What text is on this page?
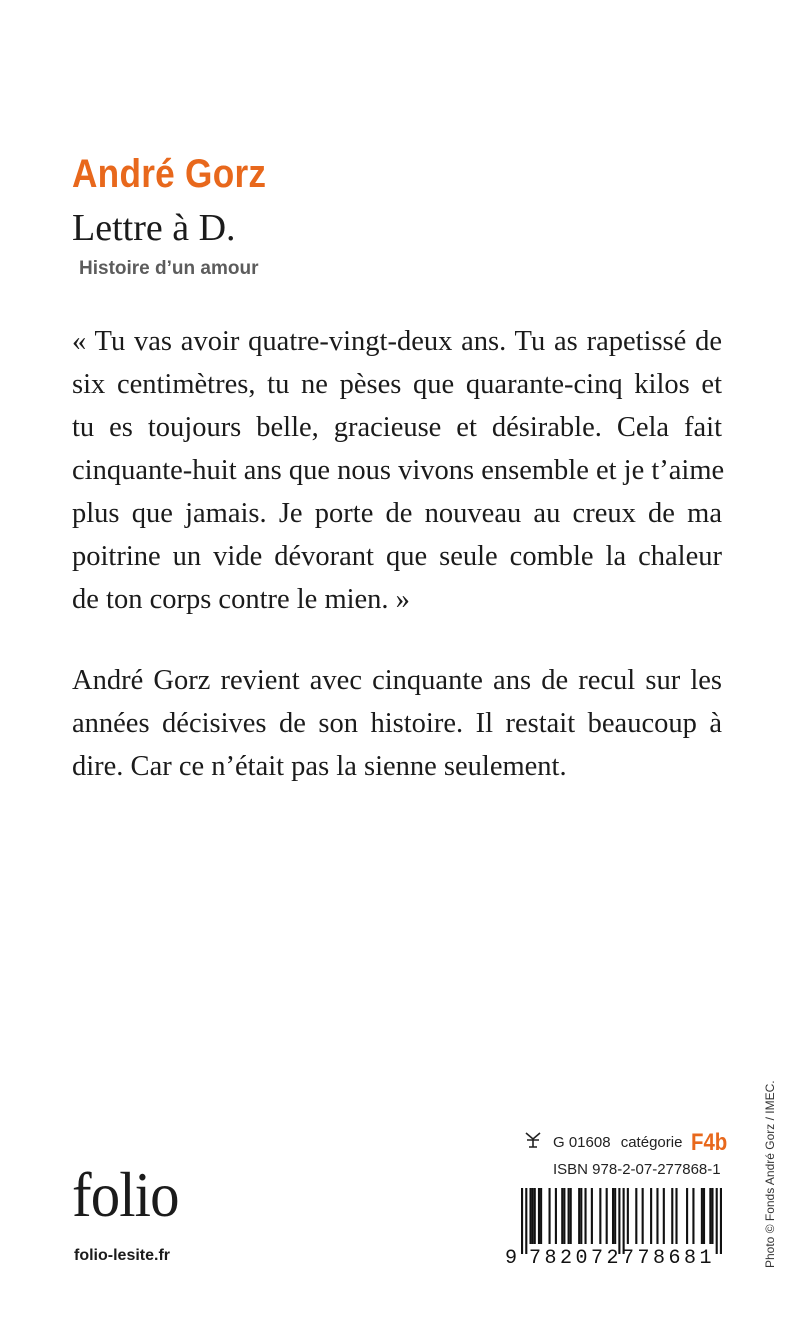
André Gorz
Lettre à D.
Histoire d’un amour
« Tu vas avoir quatre-vingt-deux ans. Tu as rapetissé de
six centimètres, tu ne pèses que quarante-cinq kilos et
tu es toujours belle, gracieuse et désirable. Cela fait
cinquante-huit ans que nous vivons ensemble et je t’aime
plus que jamais. Je porte de nouveau au creux de ma
poitrine un vide dévorant que seule comble la chaleur
de ton corps contre le mien. »
André Gorz revient avec cinquante ans de recul sur les
années décisives de son histoire. Il restait beaucoup à
dire. Car ce n’était pas la sienne seulement.
G 01608 catégorie F4b
ISBN 978-2-07-277868-1
9 782072778681
folio
folio-lesite.fr	Photo © Fonds André Gorz / IMEC.
